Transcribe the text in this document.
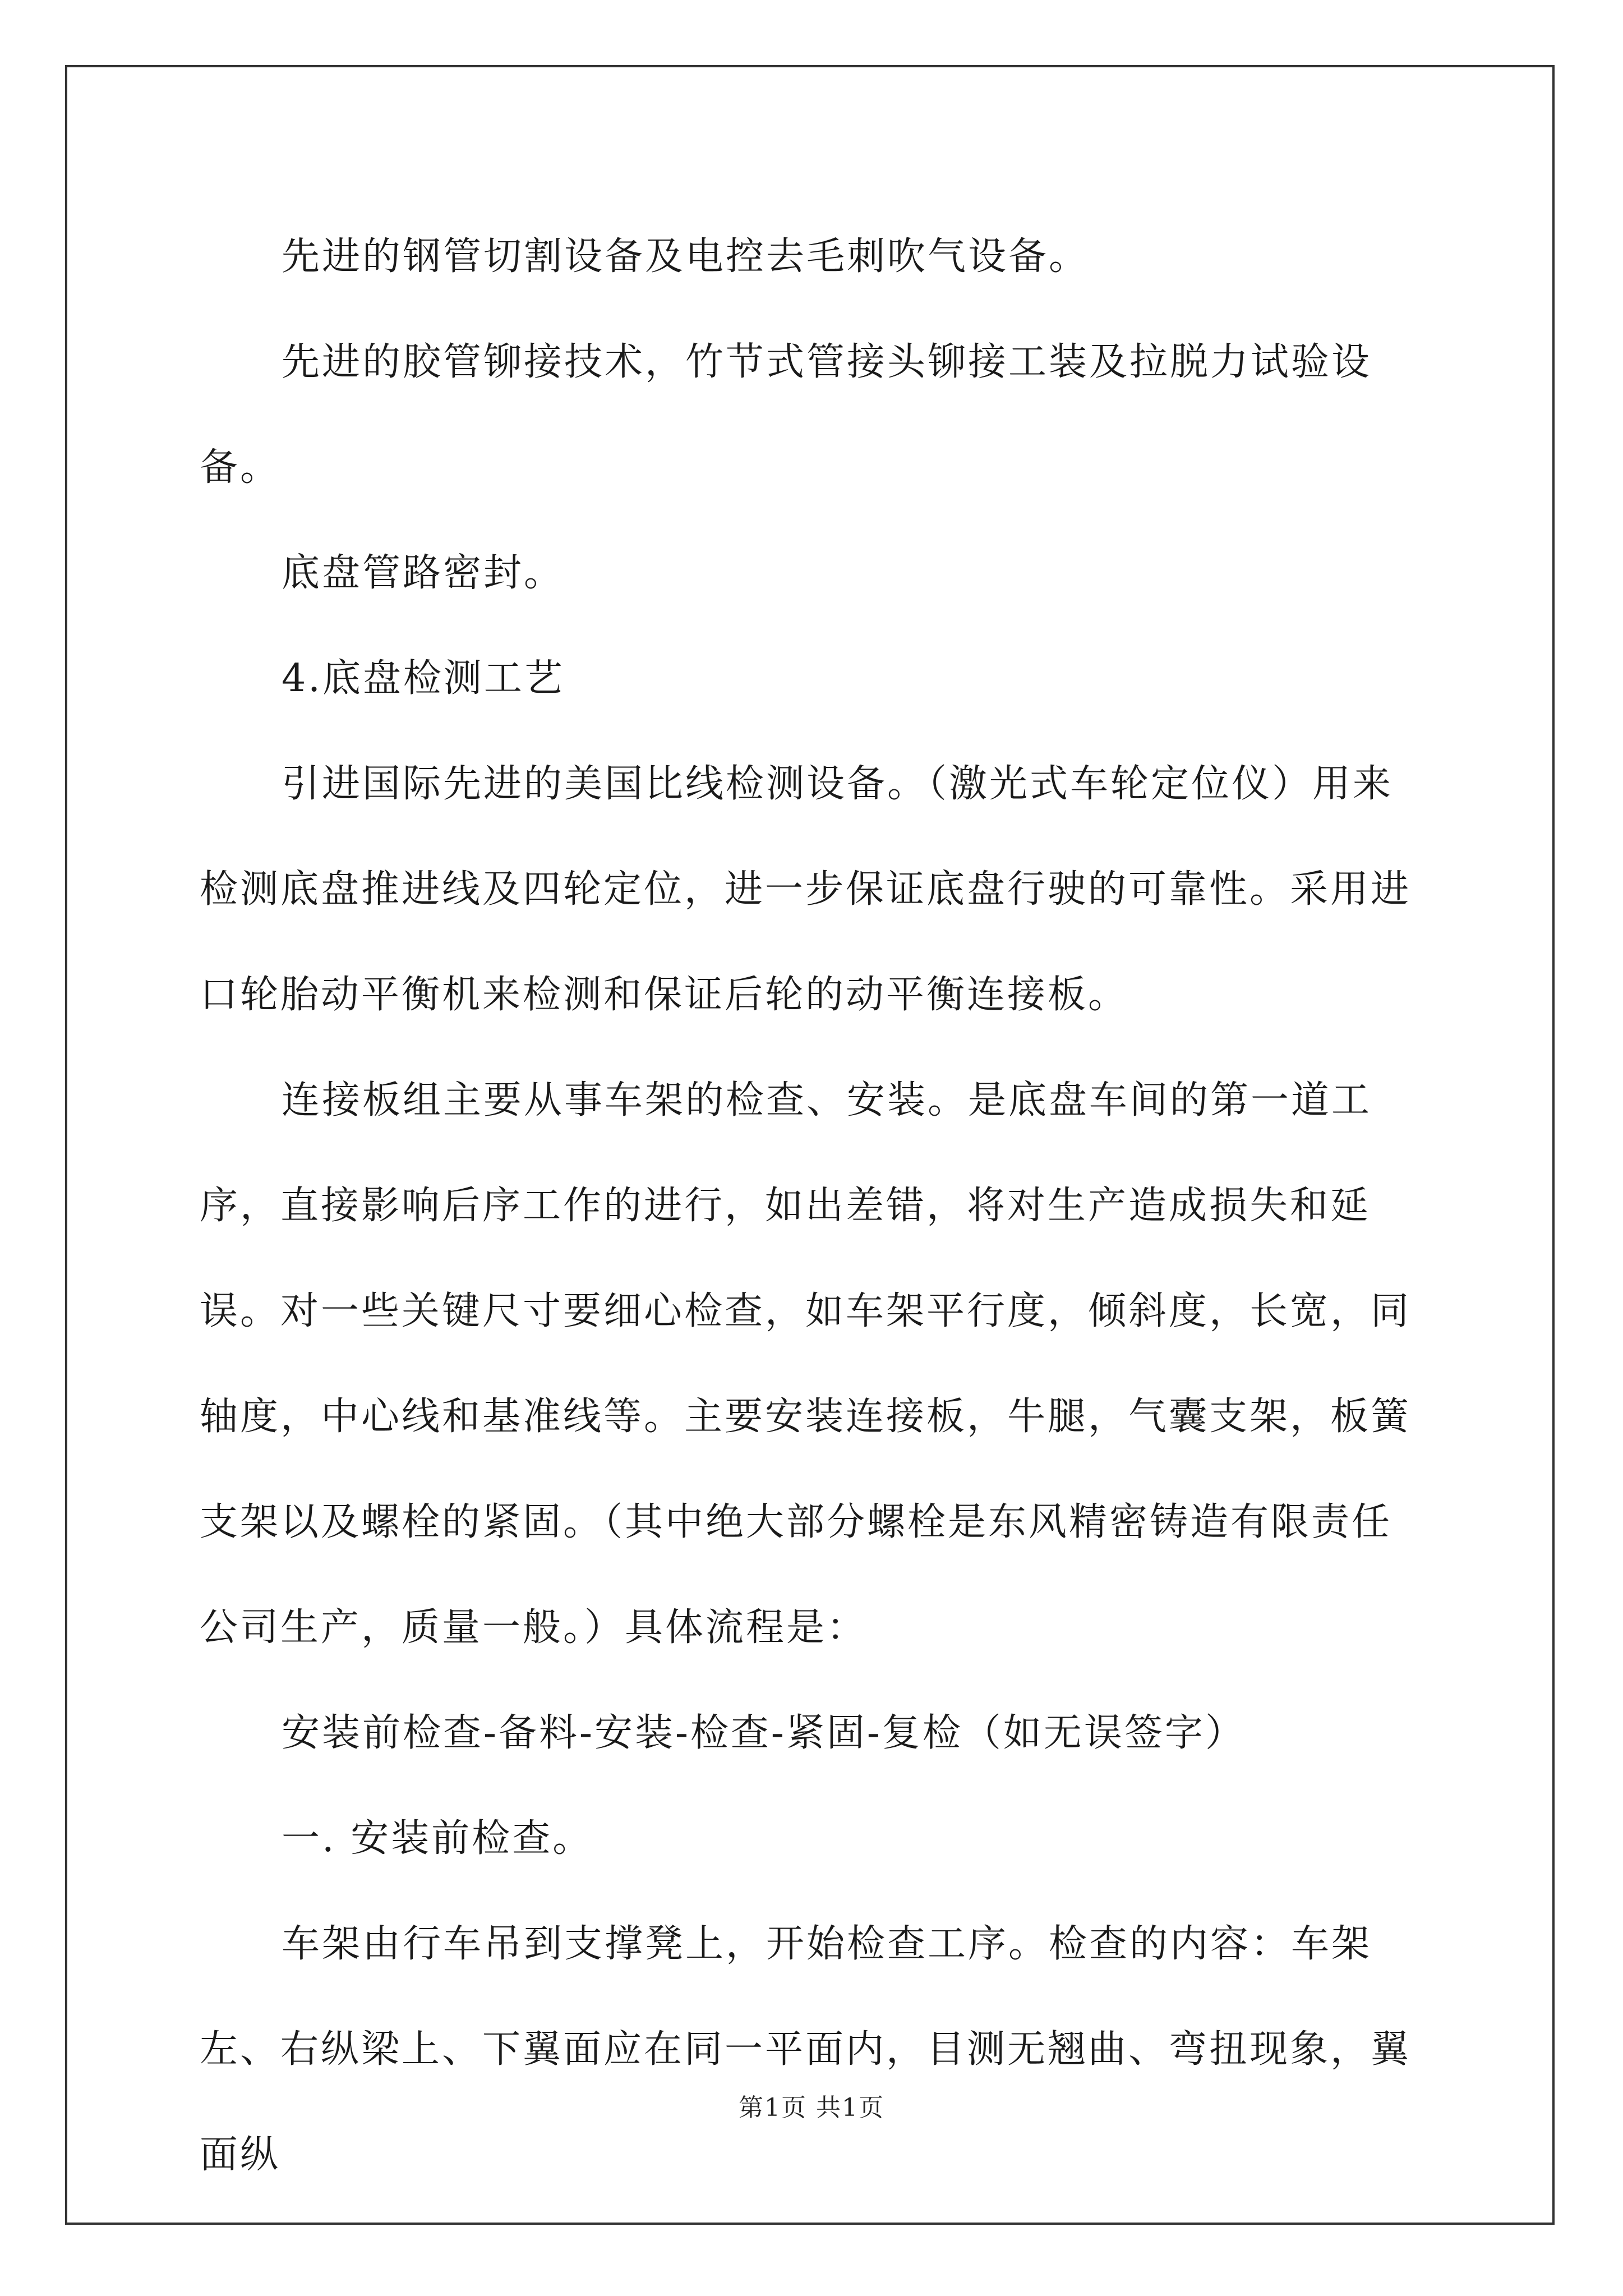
先进的钢管切割设备及电控去毛刺吹气设备。

先进的胶管铆接技术，竹节式管接头铆接工装及拉脱力试验设备。

底盘管路密封。

4.底盘检测工艺

引进国际先进的美国比线检测设备。（激光式车轮定位仪）用来检测底盘推进线及四轮定位，进一步保证底盘行驶的可靠性。采用进口轮胎动平衡机来检测和保证后轮的动平衡连接板。

连接板组主要从事车架的检查、安装。是底盘车间的第一道工序，直接影响后序工作的进行，如出差错，将对生产造成损失和延误。对一些关键尺寸要细心检查，如车架平行度，倾斜度，长宽，同轴度，中心线和基准线等。主要安装连接板，牛腿，气囊支架，板簧支架以及螺栓的紧固。（其中绝大部分螺栓是东风精密铸造有限责任公司生产，质量一般。）具体流程是：

安装前检查-备料-安装-检查-紧固-复检（如无误签字）

一. 安装前检查。

车架由行车吊到支撑凳上，开始检查工序。检查的内容：车架左、右纵梁上、下翼面应在同一平面内，目测无翘曲、弯扭现象，翼面纵

第1页 共1页
